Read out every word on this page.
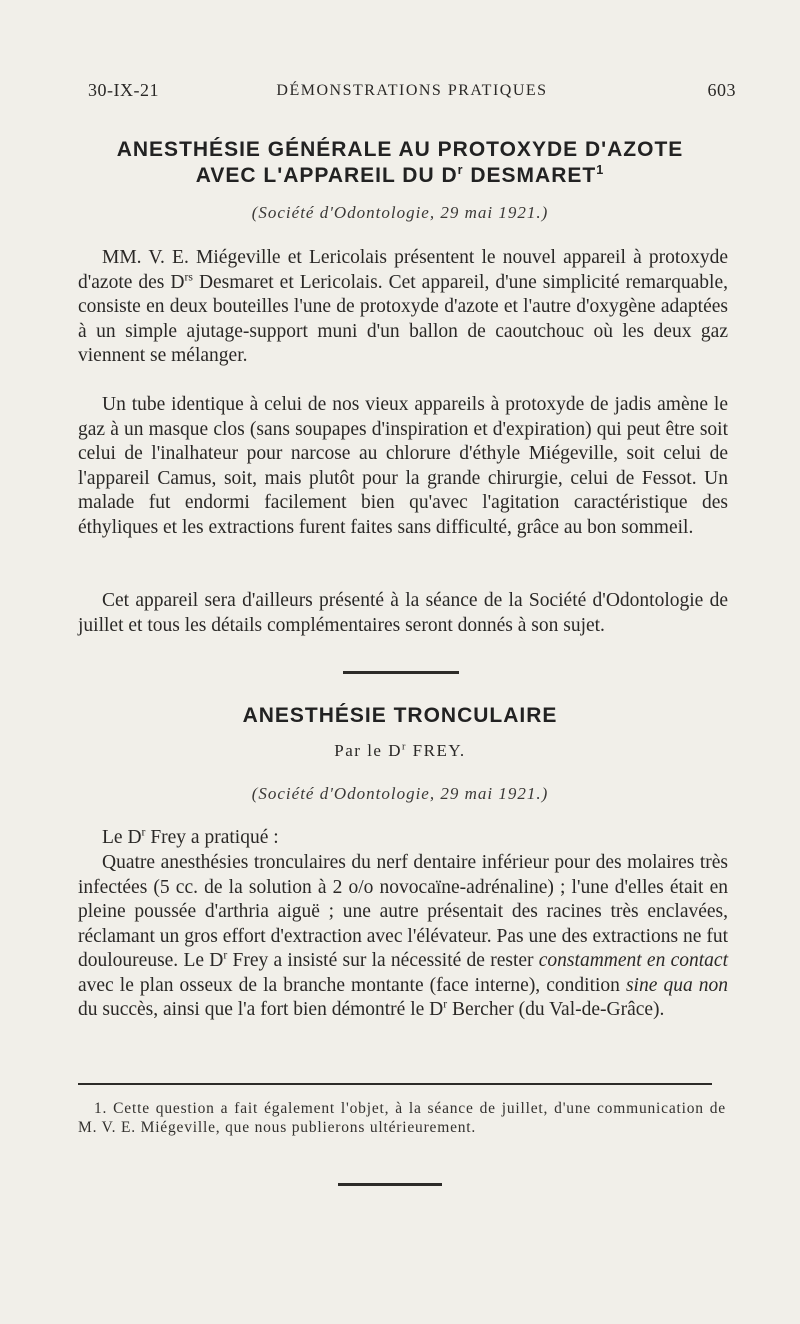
30-IX-21	DÉMONSTRATIONS PRATIQUES	603
ANESTHÉSIE GÉNÉRALE AU PROTOXYDE D'AZOTE
AVEC L'APPAREIL DU $D^r$ DESMARET$^1$
(Société d'Odontologie, 29 mai 1921.)

MM. V. E. Miégeville et Lericolais présentent le nouvel appareil à protoxyde d'azote des $D^{rs}$ Desmaret et Lericolais. Cet appareil, d'une simplicité remarquable, consiste en deux bouteilles l'une de protoxyde d'azote et l'autre d'oxygène adaptées à un simple ajutage-support muni d'un ballon de caoutchouc où les deux gaz viennent se mélanger.

Un tube identique à celui de nos vieux appareils à protoxyde de jadis amène le gaz à un masque clos (sans soupapes d'inspiration et d'expiration) qui peut être soit celui de l'inalhateur pour narcose au chlorure d'éthyle Miégeville, soit celui de l'appareil Camus, soit, mais plutôt pour la grande chirurgie, celui de Fessot. Un malade fut endormi facilement bien qu'avec l'agitation caractéristique des éthyliques et les extractions furent faites sans difficulté, grâce au bon sommeil.

Cet appareil sera d'ailleurs présenté à la séance de la Société d'Odontologie de juillet et tous les détails complémentaires seront donnés à son sujet.

ANESTHÉSIE TRONCULAIRE
Par le $D^r$ FREY.
(Société d'Odontologie, 29 mai 1921.)

Le $D^r$ Frey a pratiqué :

Quatre anesthésies tronculaires du nerf dentaire inférieur pour des molaires très infectées (5 cc. de la solution à 2 o/o novocaïne-adrénaline) ; l'une d'elles était en pleine poussée d'arthria aiguë ; une autre présentait des racines très enclavées, réclamant un gros effort d'extraction avec l'élévateur. Pas une des extractions ne fut douloureuse. Le $D^r$ Frey a insisté sur la nécessité de rester constamment en contact avec le plan osseux de la branche montante (face interne), condition sine qua non du succès, ainsi que l'a fort bien démontré le $D^r$ Bercher (du Val-de-Grâce).

1. Cette question a fait également l'objet, à la séance de juillet, d'une communication de M. V. E. Miégeville, que nous publierons ultérieurement.
